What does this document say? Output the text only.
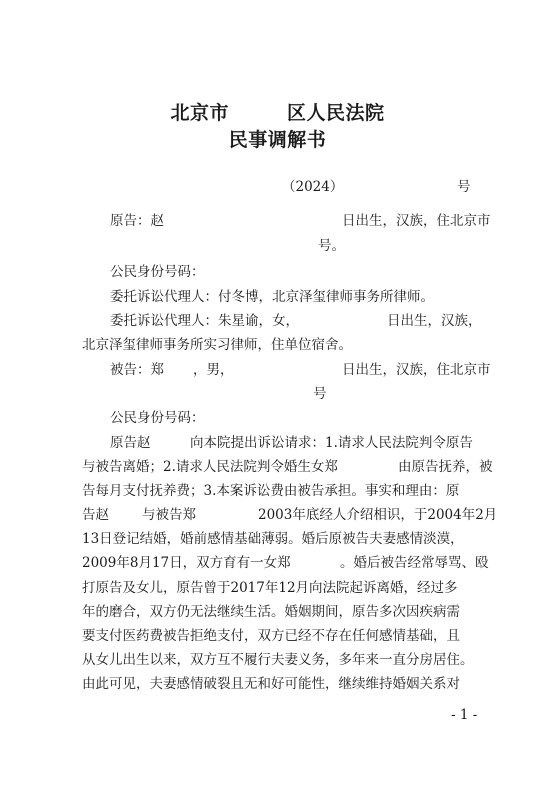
北京市	区人民法院
民事调解书
（2024）	号
原告：赵	日出生，汉族，住北京市
号。
公民身份号码：
委托诉讼代理人：付冬博，北京泽玺律师事务所律师。
委托诉讼代理人：朱星谕，女，	日出生，汉族，
北京泽玺律师事务所实习律师，住单位宿舍。
被告：郑 ，男，	日出生，汉族，住北京市
号
公民身份号码：
原告赵	向本院提出诉讼请求：1.请求人民法院判令原告
与被告离婚；2.请求人民法院判令婚生女郑	由原告抚养，被
告每月支付抚养费；3.本案诉讼费由被告承担。事实和理由：原
告赵 与被告郑	2003年底经人介绍相识，于2004年2月
13日登记结婚，婚前感情基础薄弱。婚后原被告夫妻感情淡漠，
2009年8月17日，双方育有一女郑	。婚后被告经常辱骂、殴
打原告及女儿，原告曾于2017年12月向法院起诉离婚，经过多
年的磨合，双方仍无法继续生活。婚姻期间，原告多次因疾病需
要支付医药费被告拒绝支付，双方已经不存在任何感情基础，且
从女儿出生以来，双方互不履行夫妻义务，多年来一直分房居住。
由此可见，夫妻感情破裂且无和好可能性，继续维持婚姻关系对
- 1 -
